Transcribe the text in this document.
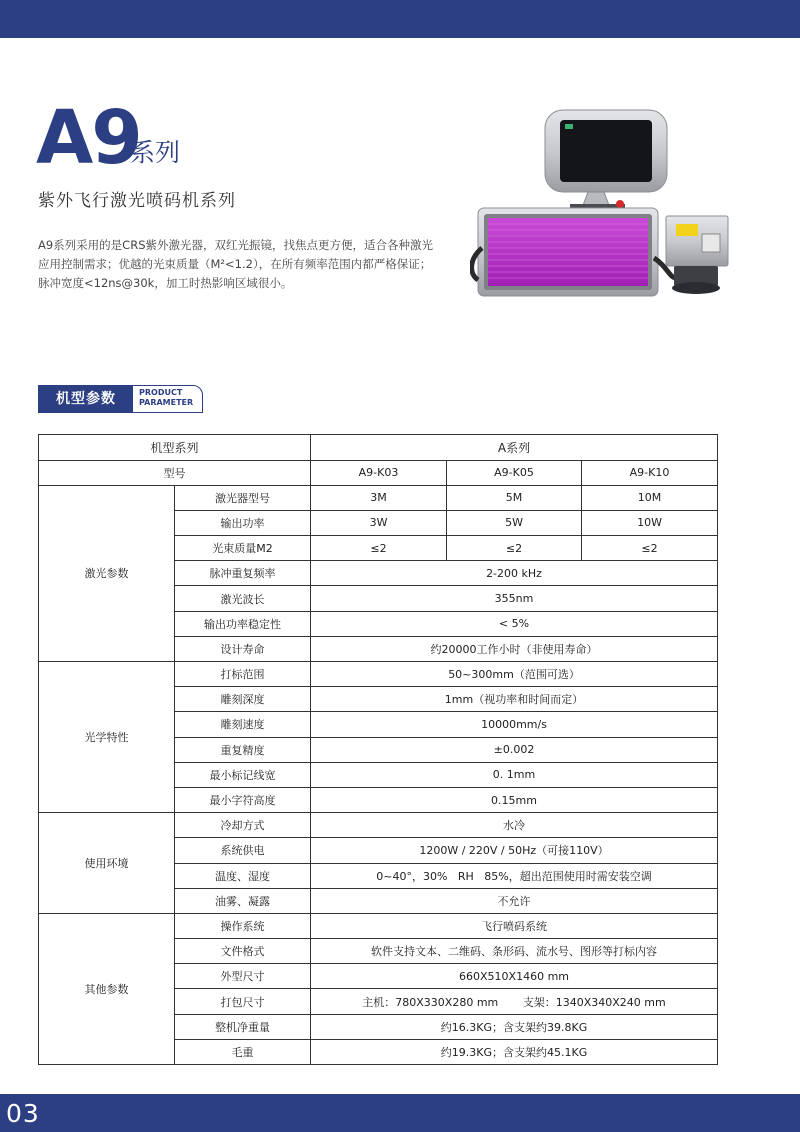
A9
系列
紫外飞行激光喷码机系列
A9系列采用的是CRS紫外激光器，双红光振镜，找焦点更方便，适合各种激光
应用控制需求；优越的光束质量（M²<1.2），在所有频率范围内都严格保证；
脉冲宽度<12ns@30k，加工时热影响区域很小。
机型参数	PRODUCT
PARAMETER
机型系列		A系列		
型号		A9-K03	A9-K05	A9-K10
激光参数	激光器型号	3M	5M	10M
	输出功率	3W	5W	10W
	光束质量M2	≤2	≤2	≤2
	脉冲重复频率	2-200 kHz		
	激光波长	355nm		
	输出功率稳定性	< 5%		
	设计寿命	约20000工作小时（非使用寿命）		
光学特性	打标范围	50~300mm（范围可选）		
	雕刻深度	1mm（视功率和时间而定）		
	雕刻速度	10000mm/s		
	重复精度	±0.002		
	最小标记线宽	0. 1mm		
	最小字符高度	0.15mm		
使用环境	冷却方式	水冷		
	系统供电	1200W / 220V / 50Hz（可接110V）		
	温度、湿度	0~40°，30%   RH   85%，超出范围使用时需安装空调		
	油雾、凝露	不允许		
其他参数	操作系统	飞行喷码系统		
	文件格式	软件支持文本、二维码、条形码、流水号、图形等打标内容		
	外型尺寸	660X510X1460 mm		
	打包尺寸	主机：780X330X280 mm       支架：1340X340X240 mm		
	整机净重量	约16.3KG；含支架约39.8KG		
	毛重	约19.3KG；含支架约45.1KG		
03
